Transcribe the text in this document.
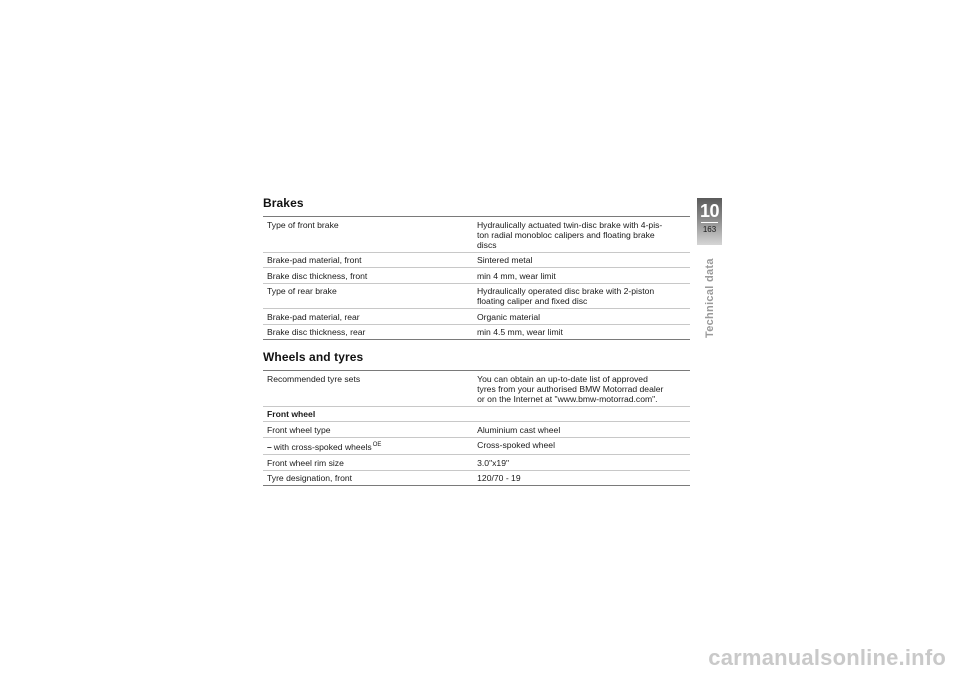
Brakes
Type of front brake	Hydraulically actuated twin-disc brake with 4-pis-
ton radial monobloc calipers and floating brake
discs
Brake-pad material, front	Sintered metal
Brake disc thickness, front	min 4 mm, wear limit
Type of rear brake	Hydraulically operated disc brake with 2-piston
floating caliper and fixed disc
Brake-pad material, rear	Organic material
Brake disc thickness, rear	min 4.5 mm, wear limit
Wheels and tyres
Recommended tyre sets	You can obtain an up-to-date list of approved
tyres from your authorised BMW Motorrad dealer
or on the Internet at "www.bmw-motorrad.com".
Front wheel	
Front wheel type	Aluminium cast wheel
– with cross-spoked wheels$^{OE}$	Cross-spoked wheel
Front wheel rim size	3.0"x19"
Tyre designation, front	120/70 - 19
10
163
Technical data
carmanualsonline.info
